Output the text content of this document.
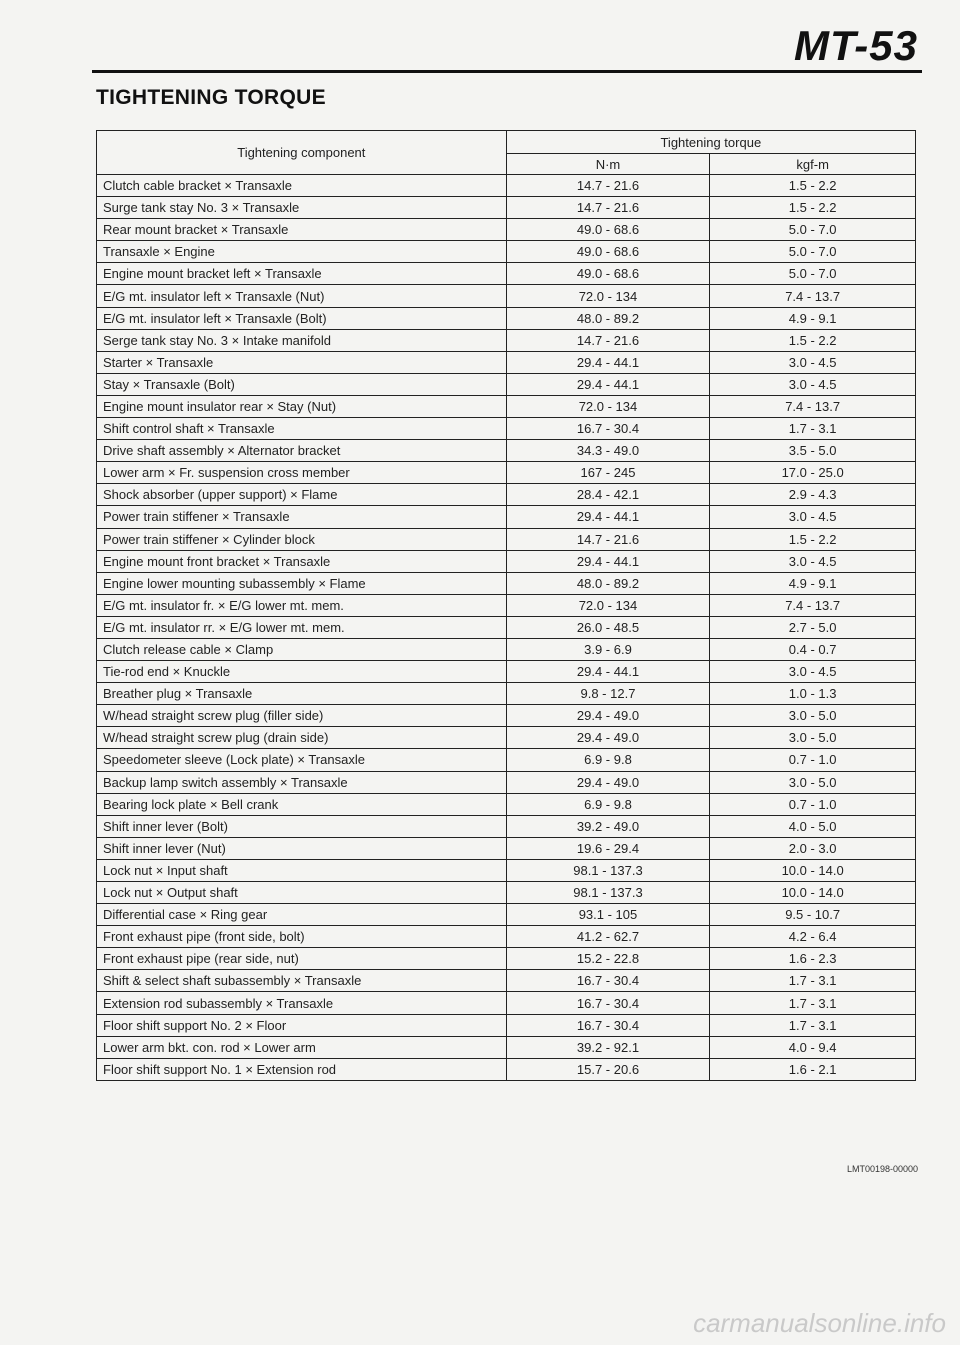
MT-53
TIGHTENING TORQUE
Tightening component	Tightening torque	
	N·m	kgf-m
Clutch cable bracket × Transaxle	14.7 - 21.6	1.5 - 2.2
Surge tank stay No. 3 × Transaxle	14.7 - 21.6	1.5 - 2.2
Rear mount bracket × Transaxle	49.0 - 68.6	5.0 - 7.0
Transaxle × Engine	49.0 - 68.6	5.0 - 7.0
Engine mount bracket left × Transaxle	49.0 - 68.6	5.0 - 7.0
E/G mt. insulator left × Transaxle (Nut)	72.0 - 134	7.4 - 13.7
E/G mt. insulator left × Transaxle (Bolt)	48.0 - 89.2	4.9 - 9.1
Serge tank stay No. 3 × Intake manifold	14.7 - 21.6	1.5 - 2.2
Starter × Transaxle	29.4 - 44.1	3.0 - 4.5
Stay × Transaxle (Bolt)	29.4 - 44.1	3.0 - 4.5
Engine mount insulator rear × Stay (Nut)	72.0 - 134	7.4 - 13.7
Shift control shaft × Transaxle	16.7 - 30.4	1.7 - 3.1
Drive shaft assembly × Alternator bracket	34.3 - 49.0	3.5 - 5.0
Lower arm × Fr. suspension cross member	167 - 245	17.0 - 25.0
Shock absorber (upper support) × Flame	28.4 - 42.1	2.9 - 4.3
Power train stiffener × Transaxle	29.4 - 44.1	3.0 - 4.5
Power train stiffener × Cylinder block	14.7 - 21.6	1.5 - 2.2
Engine mount front bracket × Transaxle	29.4 - 44.1	3.0 - 4.5
Engine lower mounting subassembly × Flame	48.0 - 89.2	4.9 - 9.1
E/G mt. insulator fr. × E/G lower mt. mem.	72.0 - 134	7.4 - 13.7
E/G mt. insulator rr. × E/G lower mt. mem.	26.0 - 48.5	2.7 - 5.0
Clutch release cable × Clamp	3.9 - 6.9	0.4 - 0.7
Tie-rod end × Knuckle	29.4 - 44.1	3.0 - 4.5
Breather plug × Transaxle	9.8 - 12.7	1.0 - 1.3
W/head straight screw plug (filler side)	29.4 - 49.0	3.0 - 5.0
W/head straight screw plug (drain side)	29.4 - 49.0	3.0 - 5.0
Speedometer sleeve (Lock plate) × Transaxle	6.9 - 9.8	0.7 - 1.0
Backup lamp switch assembly × Transaxle	29.4 - 49.0	3.0 - 5.0
Bearing lock plate × Bell crank	6.9 - 9.8	0.7 - 1.0
Shift inner lever (Bolt)	39.2 - 49.0	4.0 - 5.0
Shift inner lever (Nut)	19.6 - 29.4	2.0 - 3.0
Lock nut × Input shaft	98.1 - 137.3	10.0 - 14.0
Lock nut × Output shaft	98.1 - 137.3	10.0 - 14.0
Differential case × Ring gear	93.1 - 105	9.5 - 10.7
Front exhaust pipe (front side, bolt)	41.2 - 62.7	4.2 - 6.4
Front exhaust pipe (rear side, nut)	15.2 - 22.8	1.6 - 2.3
Shift & select shaft subassembly × Transaxle	16.7 - 30.4	1.7 - 3.1
Extension rod subassembly × Transaxle	16.7 - 30.4	1.7 - 3.1
Floor shift support No. 2 × Floor	16.7 - 30.4	1.7 - 3.1
Lower arm bkt. con. rod × Lower arm	39.2 - 92.1	4.0 - 9.4
Floor shift support No. 1 × Extension rod	15.7 - 20.6	1.6 - 2.1
LMT00198-00000
carmanualsonline.info
